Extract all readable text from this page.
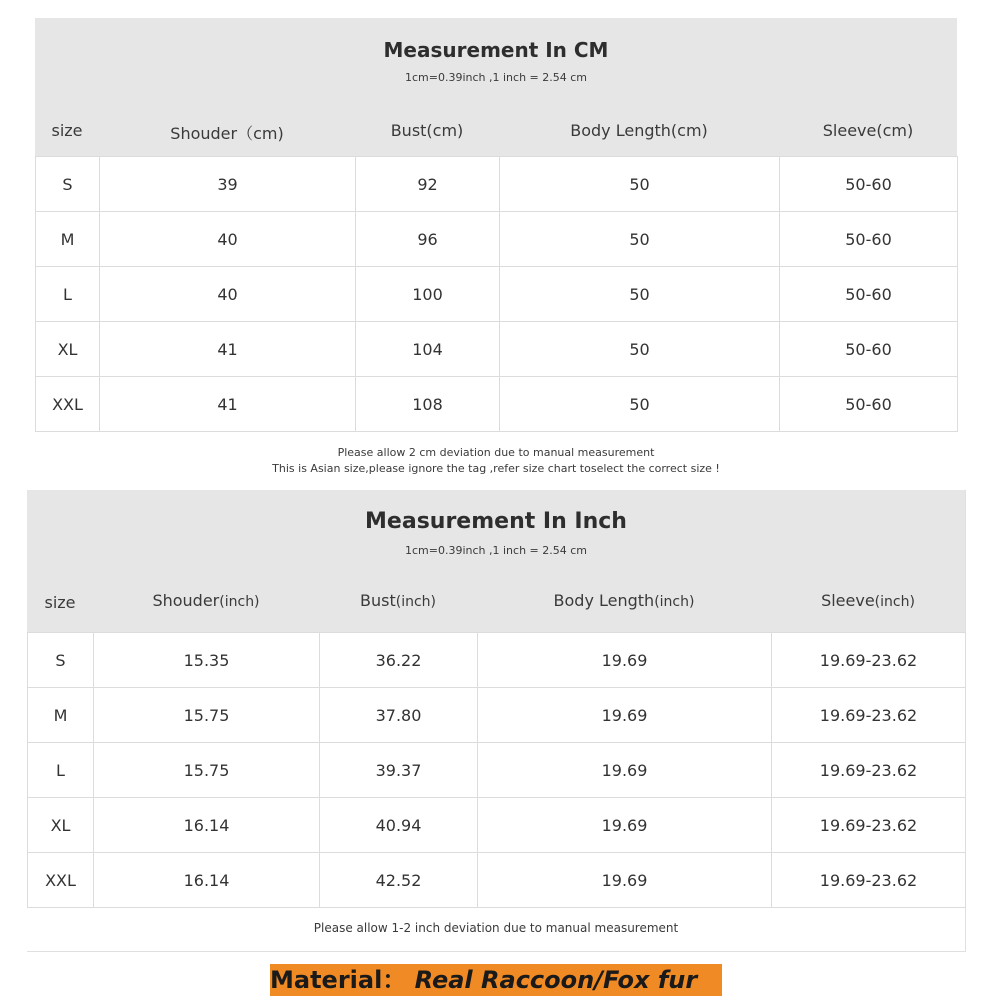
Measurement In CM
1cm=0.39inch ,1 inch = 2.54 cm
size	Shouder（cm)	Bust(cm)	Body Length(cm)	Sleeve(cm)
S	39	92	50	50-60
M	40	96	50	50-60
L	40	100	50	50-60
XL	41	104	50	50-60
XXL	41	108	50	50-60
Please allow 2 cm deviation due to manual measurement
This is Asian size,please ignore the tag ,refer size chart toselect the correct size !
Measurement In Inch
1cm=0.39inch ,1 inch = 2.54 cm
size	Shouder(inch)	Bust(inch)	Body Length(inch)	Sleeve(inch)
S	15.35	36.22	19.69	19.69-23.62
M	15.75	37.80	19.69	19.69-23.62
L	15.75	39.37	19.69	19.69-23.62
XL	16.14	40.94	19.69	19.69-23.62
XXL	16.14	42.52	19.69	19.69-23.62
Please allow 1-2 inch deviation due to manual measurement
Material： Real Raccoon/Fox fur
